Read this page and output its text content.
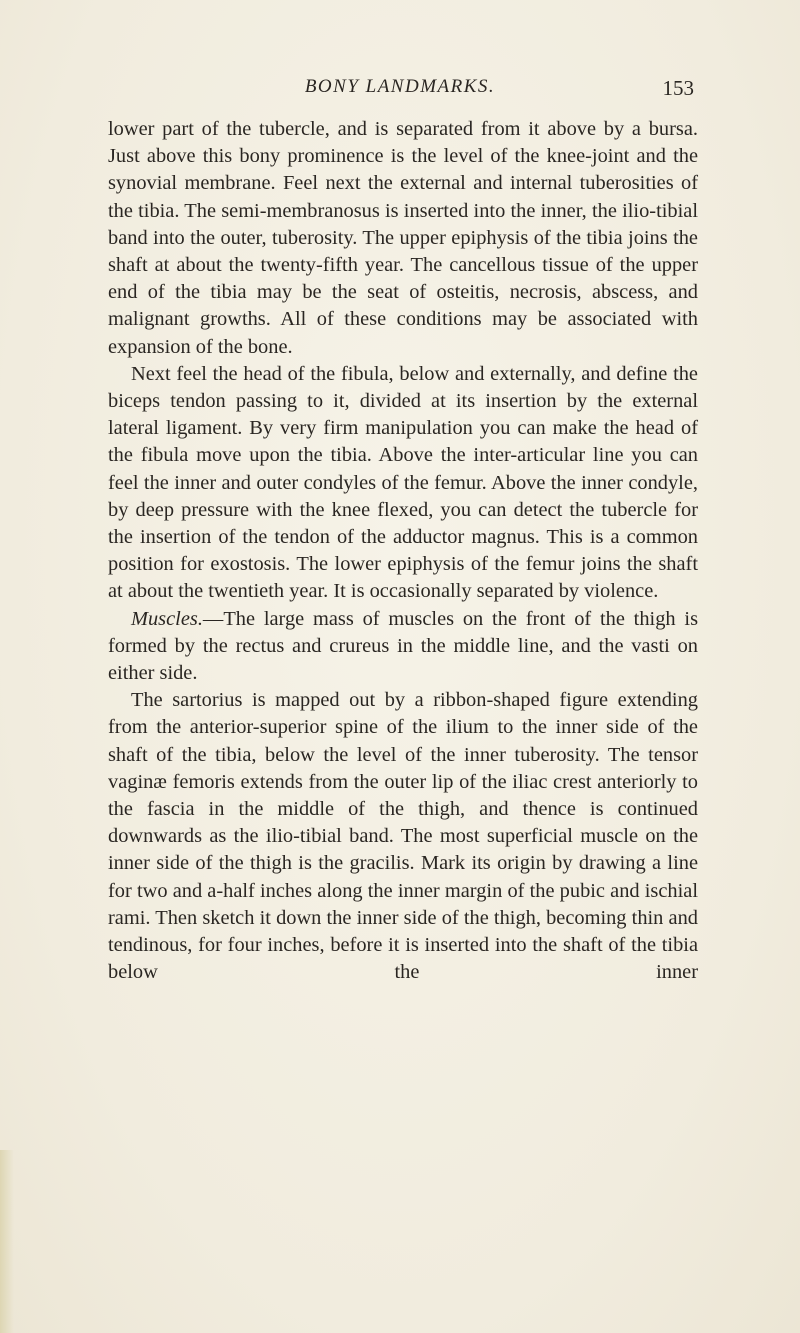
BONY LANDMARKS.	153

lower part of the tubercle, and is separated from it above by a bursa. Just above this bony prominence is the level of the knee-joint and the synovial membrane. Feel next the external and internal tuberosities of the tibia. The semi-membranosus is inserted into the inner, the ilio-tibial band into the outer, tuberosity. The upper epiphysis of the tibia joins the shaft at about the twenty-fifth year. The cancellous tissue of the upper end of the tibia may be the seat of osteitis, necrosis, abscess, and malignant growths. All of these conditions may be associated with expansion of the bone.

Next feel the head of the fibula, below and externally, and define the biceps tendon passing to it, divided at its insertion by the external lateral ligament. By very firm manipulation you can make the head of the fibula move upon the tibia. Above the inter-articular line you can feel the inner and outer condyles of the femur. Above the inner condyle, by deep pressure with the knee flexed, you can detect the tubercle for the insertion of the tendon of the adductor magnus. This is a common position for exostosis. The lower epiphysis of the femur joins the shaft at about the twentieth year. It is occasionally separated by violence.

Muscles.—The large mass of muscles on the front of the thigh is formed by the rectus and crureus in the middle line, and the vasti on either side.

The sartorius is mapped out by a ribbon-shaped figure extending from the anterior-superior spine of the ilium to the inner side of the shaft of the tibia, below the level of the inner tuberosity. The tensor vaginæ femoris extends from the outer lip of the iliac crest anteriorly to the fascia in the middle of the thigh, and thence is continued downwards as the ilio-tibial band. The most superficial muscle on the inner side of the thigh is the gracilis. Mark its origin by drawing a line for two and a-half inches along the inner margin of the pubic and ischial rami. Then sketch it down the inner side of the thigh, becoming thin and tendinous, for four inches, before it is inserted into the shaft of the tibia below the inner
